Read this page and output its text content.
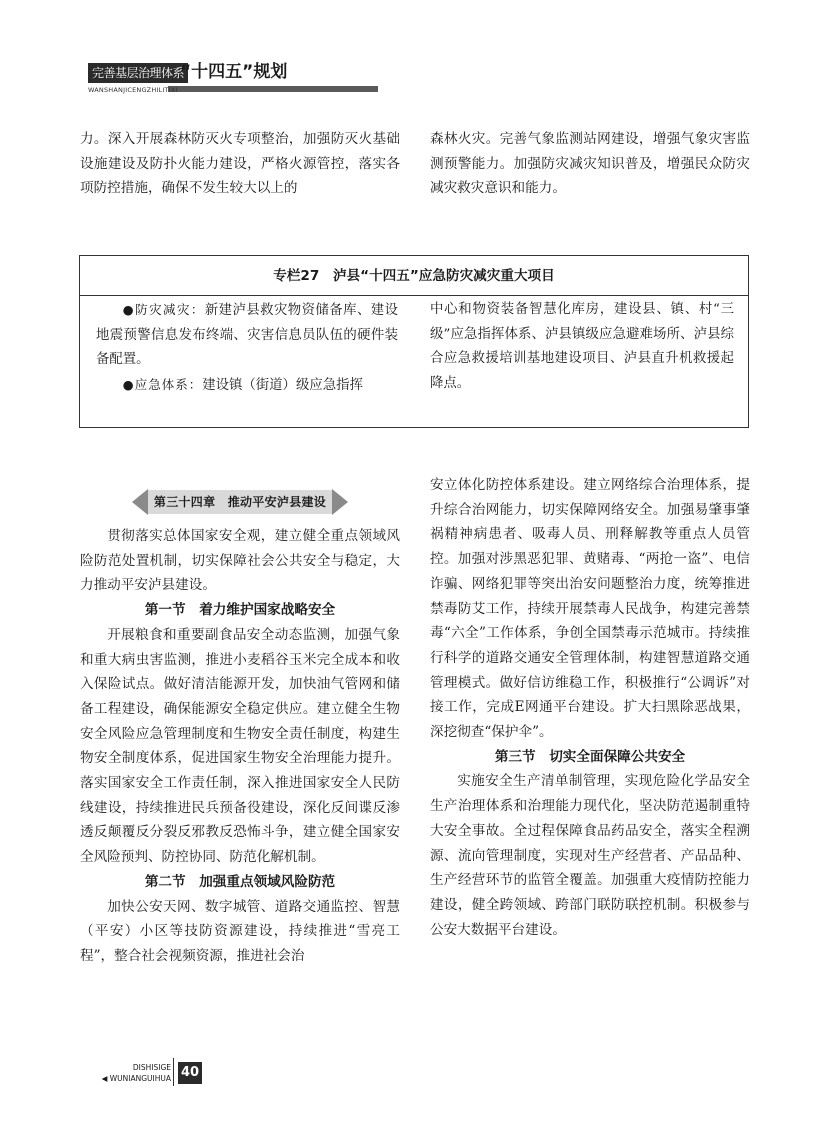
完善基层治理体系
“十四五”规划
WANSHANJICENGZHILITIXI

力。深入开展森林防灭火专项整治，加强防灭火基础设施建设及防扑火能力建设，严格火源管控，落实各项防控措施，确保不发生较大以上的

森林火灾。完善气象监测站网建设，增强气象灾害监测预警能力。加强防灾减灾知识普及，增强民众防灾减灾救灾意识和能力。

专栏27　泸县“十四五”应急防灾减灾重大项目

●防灾减灾：新建泸县救灾物资储备库、建设地震预警信息发布终端、灾害信息员队伍的硬件装备配置。

●应急体系：建设镇（街道）级应急指挥

中心和物资装备智慧化库房，建设县、镇、村“三级”应急指挥体系、泸县镇级应急避难场所、泸县综合应急救援培训基地建设项目、泸县直升机救援起降点。

第三十四章　推动平安泸县建设

贯彻落实总体国家安全观，建立健全重点领域风险防范处置机制，切实保障社会公共安全与稳定，大力推动平安泸县建设。

第一节　着力维护国家战略安全

开展粮食和重要副食品安全动态监测，加强气象和重大病虫害监测，推进小麦稻谷玉米完全成本和收入保险试点。做好清洁能源开发，加快油气管网和储备工程建设，确保能源安全稳定供应。建立健全生物安全风险应急管理制度和生物安全责任制度，构建生物安全制度体系，促进国家生物安全治理能力提升。落实国家安全工作责任制，深入推进国家安全人民防线建设，持续推进民兵预备役建设，深化反间谍反渗透反颠覆反分裂反邪教反恐怖斗争，建立健全国家安全风险预判、防控协同、防范化解机制。

第二节　加强重点领域风险防范

加快公安天网、数字城管、道路交通监控、智慧（平安）小区等技防资源建设，持续推进“雪亮工程”，整合社会视频资源，推进社会治

安立体化防控体系建设。建立网络综合治理体系，提升综合治网能力，切实保障网络安全。加强易肇事肇祸精神病患者、吸毒人员、刑释解教等重点人员管控。加强对涉黑恶犯罪、黄赌毒、“两抢一盗”、电信诈骗、网络犯罪等突出治安问题整治力度，统筹推进禁毒防艾工作，持续开展禁毒人民战争，构建完善禁毒“六全”工作体系，争创全国禁毒示范城市。持续推行科学的道路交通安全管理体制，构建智慧道路交通管理模式。做好信访维稳工作，积极推行“公调诉”对接工作，完成E网通平台建设。扩大扫黑除恶战果，深挖彻查“保护伞”。

第三节　切实全面保障公共安全

实施安全生产清单制管理，实现危险化学品安全生产治理体系和治理能力现代化，坚决防范遏制重特大安全事故。全过程保障食品药品安全，落实全程溯源、流向管理制度，实现对生产经营者、产品品种、生产经营环节的监管全覆盖。加强重大疫情防控能力建设，健全跨领域、跨部门联防联控机制。积极参与公安大数据平台建设。

DISHISIGE
◀ WUNIANGUIHUA 40
